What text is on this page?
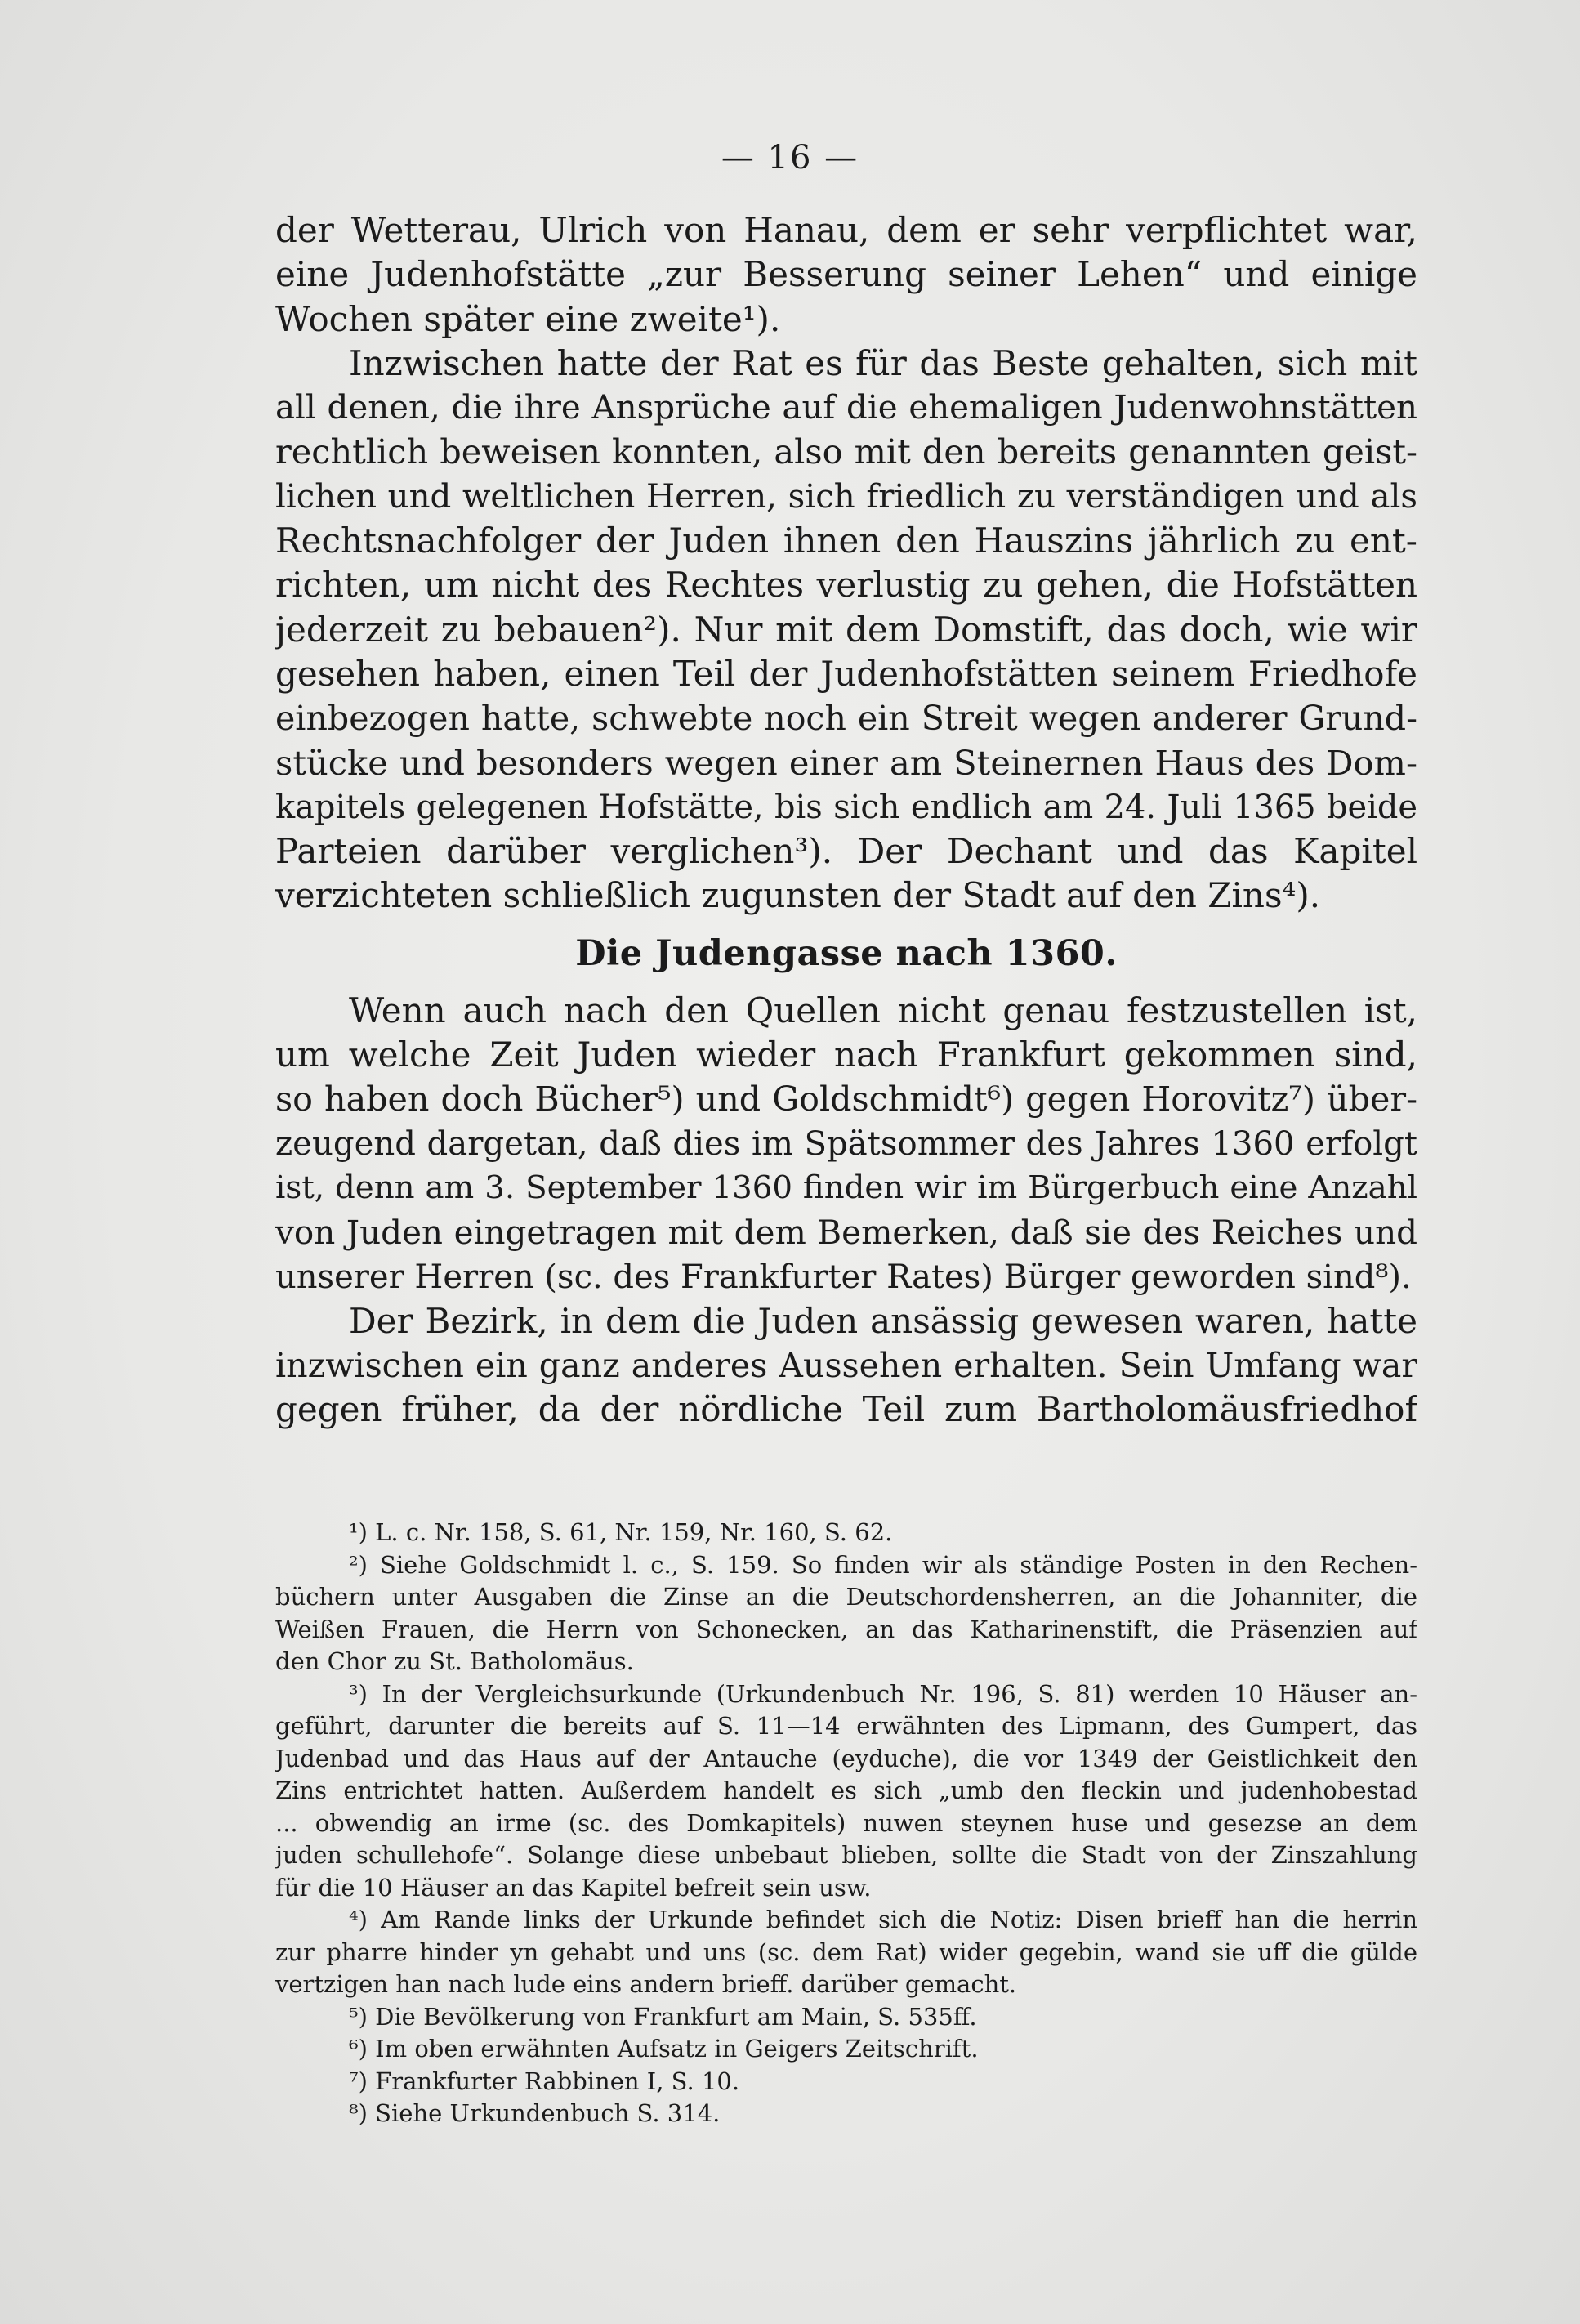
— 16 —
der Wetterau, Ulrich von Hanau, dem er sehr verpflichtet war,
eine Judenhofstätte „zur Besserung seiner Lehen“ und einige
Wochen später eine zweite¹).
Inzwischen hatte der Rat es für das Beste gehalten, sich mit
all denen, die ihre Ansprüche auf die ehemaligen Judenwohnstätten
rechtlich beweisen konnten, also mit den bereits genannten geist-
lichen und weltlichen Herren, sich friedlich zu verständigen und als
Rechtsnachfolger der Juden ihnen den Hauszins jährlich zu ent-
richten, um nicht des Rechtes verlustig zu gehen, die Hofstätten
jederzeit zu bebauen²). Nur mit dem Domstift, das doch, wie wir
gesehen haben, einen Teil der Judenhofstätten seinem Friedhofe
einbezogen hatte, schwebte noch ein Streit wegen anderer Grund-
stücke und besonders wegen einer am Steinernen Haus des Dom-
kapitels gelegenen Hofstätte, bis sich endlich am 24. Juli 1365 beide
Parteien darüber verglichen³). Der Dechant und das Kapitel
verzichteten schließlich zugunsten der Stadt auf den Zins⁴).
Die Judengasse nach 1360.
Wenn auch nach den Quellen nicht genau festzustellen ist,
um welche Zeit Juden wieder nach Frankfurt gekommen sind,
so haben doch Bücher⁵) und Goldschmidt⁶) gegen Horovitz⁷) über-
zeugend dargetan, daß dies im Spätsommer des Jahres 1360 erfolgt
ist, denn am 3. September 1360 finden wir im Bürgerbuch eine Anzahl
von Juden eingetragen mit dem Bemerken, daß sie des Reiches und
unserer Herren (sc. des Frankfurter Rates) Bürger geworden sind⁸).
Der Bezirk, in dem die Juden ansässig gewesen waren, hatte
inzwischen ein ganz anderes Aussehen erhalten. Sein Umfang war
gegen früher, da der nördliche Teil zum Bartholomäusfriedhof
¹) L. c. Nr. 158, S. 61, Nr. 159, Nr. 160, S. 62.
²) Siehe Goldschmidt l. c., S. 159. So finden wir als ständige Posten in den Rechen-
büchern unter Ausgaben die Zinse an die Deutschordensherren, an die Johanniter, die
Weißen Frauen, die Herrn von Schonecken, an das Katharinenstift, die Präsenzien auf
den Chor zu St. Batholomäus.
³) In der Vergleichsurkunde (Urkundenbuch Nr. 196, S. 81) werden 10 Häuser an-
geführt, darunter die bereits auf S. 11—14 erwähnten des Lipmann, des Gumpert, das
Judenbad und das Haus auf der Antauche (eyduche), die vor 1349 der Geistlichkeit den
Zins entrichtet hatten. Außerdem handelt es sich „umb den fleckin und judenhobestad
... obwendig an irme (sc. des Domkapitels) nuwen steynen huse und gesezse an dem
juden schullehofe“. Solange diese unbebaut blieben, sollte die Stadt von der Zinszahlung
für die 10 Häuser an das Kapitel befreit sein usw.
⁴) Am Rande links der Urkunde befindet sich die Notiz: Disen brieff han die herrin
zur pharre hinder yn gehabt und uns (sc. dem Rat) wider gegebin, wand sie uff die gülde
vertzigen han nach lude eins andern brieff. darüber gemacht.
⁵) Die Bevölkerung von Frankfurt am Main, S. 535ff.
⁶) Im oben erwähnten Aufsatz in Geigers Zeitschrift.
⁷) Frankfurter Rabbinen I, S. 10.
⁸) Siehe Urkundenbuch S. 314.
